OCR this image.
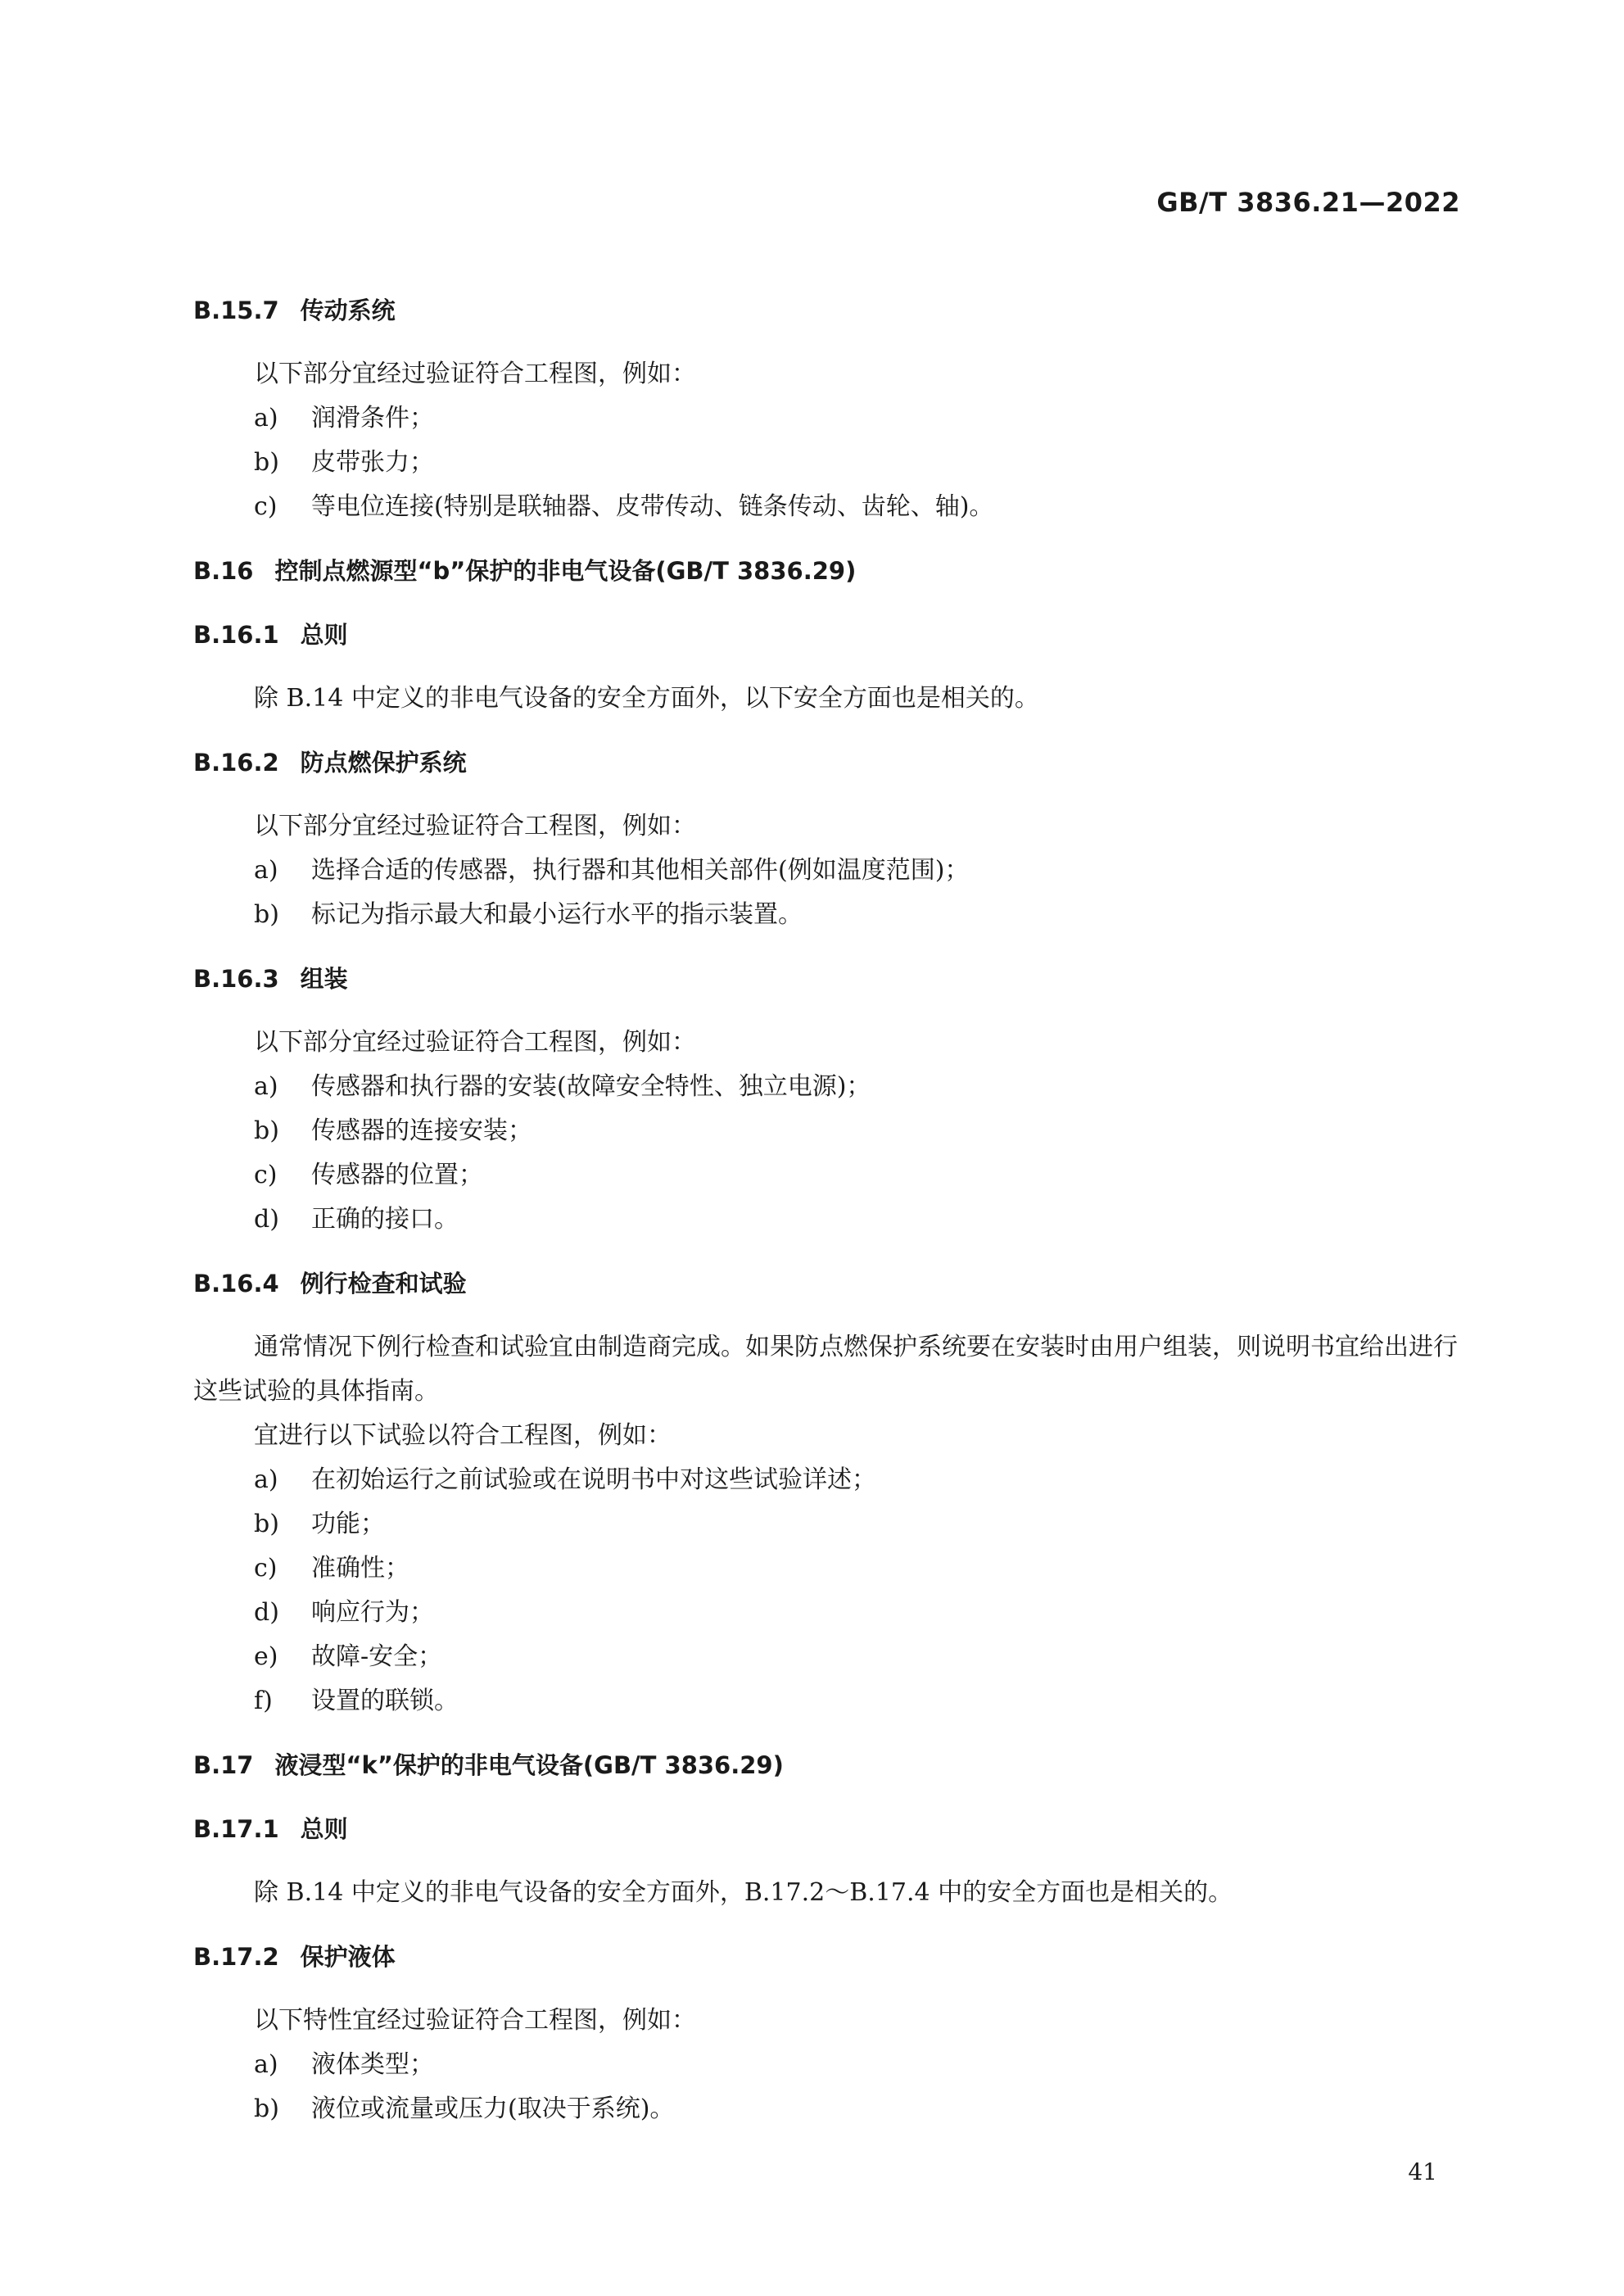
GB/T 3836.21—2022
B.15.7 传动系统

以下部分宜经过验证符合工程图，例如：

a)	润滑条件；
b)	皮带张力；
c)	等电位连接(特别是联轴器、皮带传动、链条传动、齿轮、轴)。
B.16 控制点燃源型“b”保护的非电气设备(GB/T 3836.29)
B.16.1 总则

除 B.14 中定义的非电气设备的安全方面外，以下安全方面也是相关的。

B.16.2 防点燃保护系统

以下部分宜经过验证符合工程图，例如：

a)	选择合适的传感器，执行器和其他相关部件(例如温度范围)；
b)	标记为指示最大和最小运行水平的指示装置。
B.16.3 组装

以下部分宜经过验证符合工程图，例如：

a)	传感器和执行器的安装(故障安全特性、独立电源)；
b)	传感器的连接安装；
c)	传感器的位置；
d)	正确的接口。
B.16.4 例行检查和试验

通常情况下例行检查和试验宜由制造商完成。如果防点燃保护系统要在安装时由用户组装，则说明书宜给出进行这些试验的具体指南。

宜进行以下试验以符合工程图，例如：

a)	在初始运行之前试验或在说明书中对这些试验详述；
b)	功能；
c)	准确性；
d)	响应行为；
e)	故障-安全；
f)	设置的联锁。
B.17 液浸型“k”保护的非电气设备(GB/T 3836.29)
B.17.1 总则

除 B.14 中定义的非电气设备的安全方面外，B.17.2～B.17.4 中的安全方面也是相关的。

B.17.2 保护液体

以下特性宜经过验证符合工程图，例如：

a)	液体类型；
b)	液位或流量或压力(取决于系统)。
41
